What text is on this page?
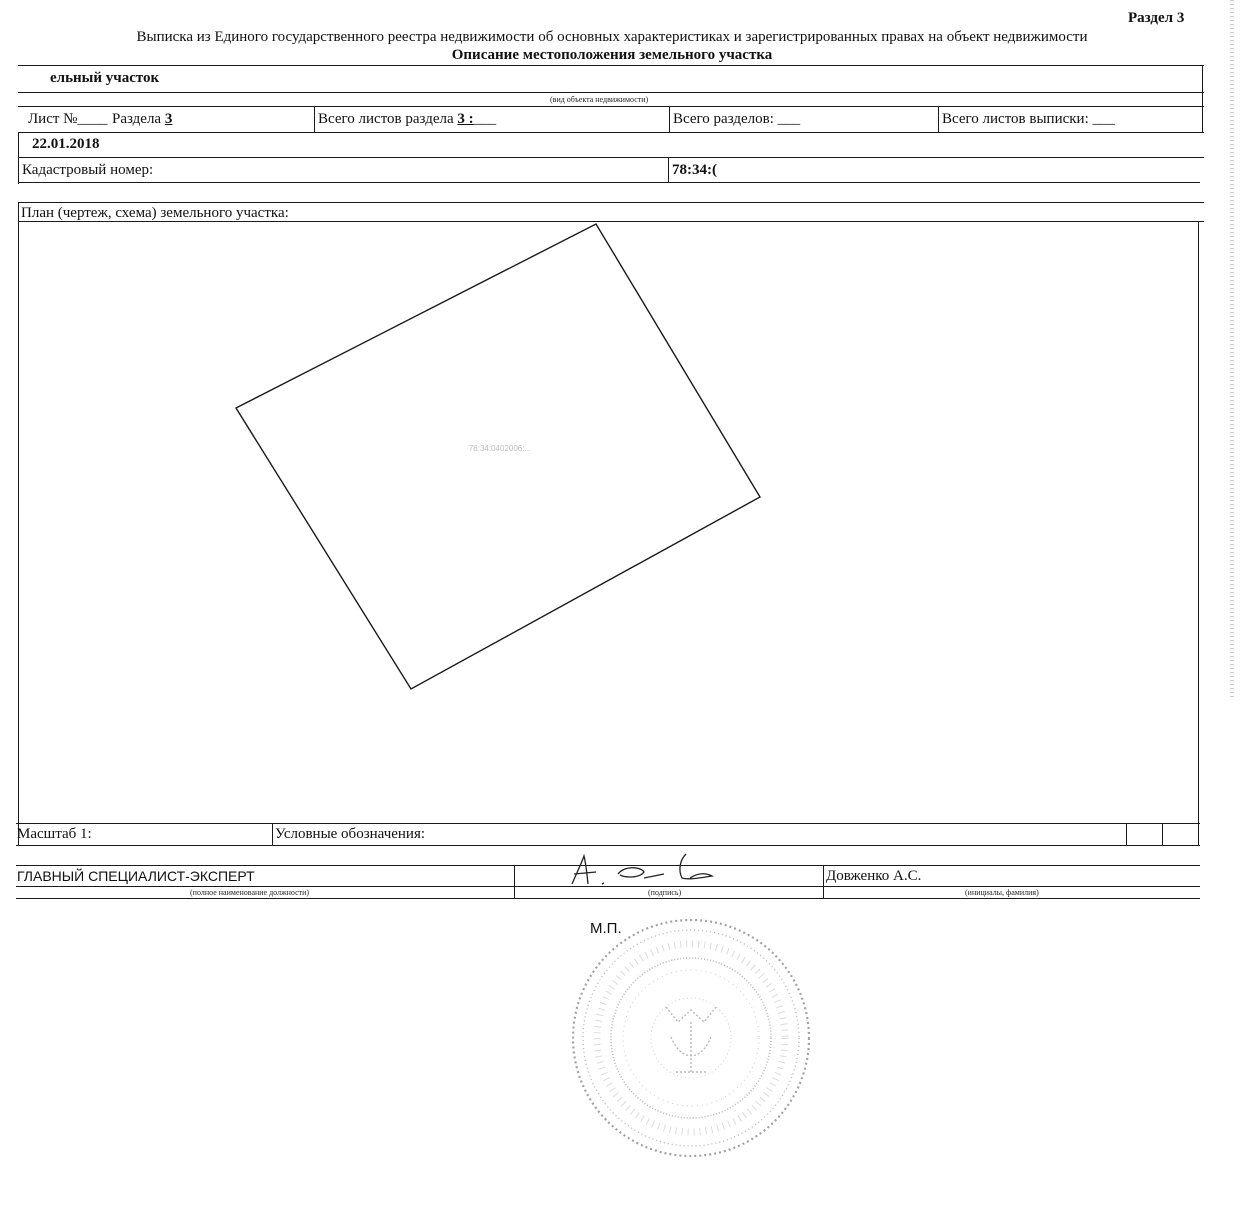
Раздел 3
Выписка из Единого государственного реестра недвижимости об основных характеристиках и зарегистрированных правах на объект недвижимости
Описание местоположения земельного участка
ельный участок
(вид объекта недвижимости)
Лист №____ Раздела 3	Всего листов раздела 3 :___	Всего разделов: ___	Всего листов выписки: ___
22.01.2018
Кадастровый номер:	78:34:(
План (чертеж, схема) земельного участка:
78:34:0402006:...
Масштаб 1:	Условные обозначения:
ГЛАВНЫЙ СПЕЦИАЛИСТ-ЭКСПЕРТ	Довженко А.С.
(полное наименование должности)	(подпись)	(инициалы, фамилия)
М.П.
